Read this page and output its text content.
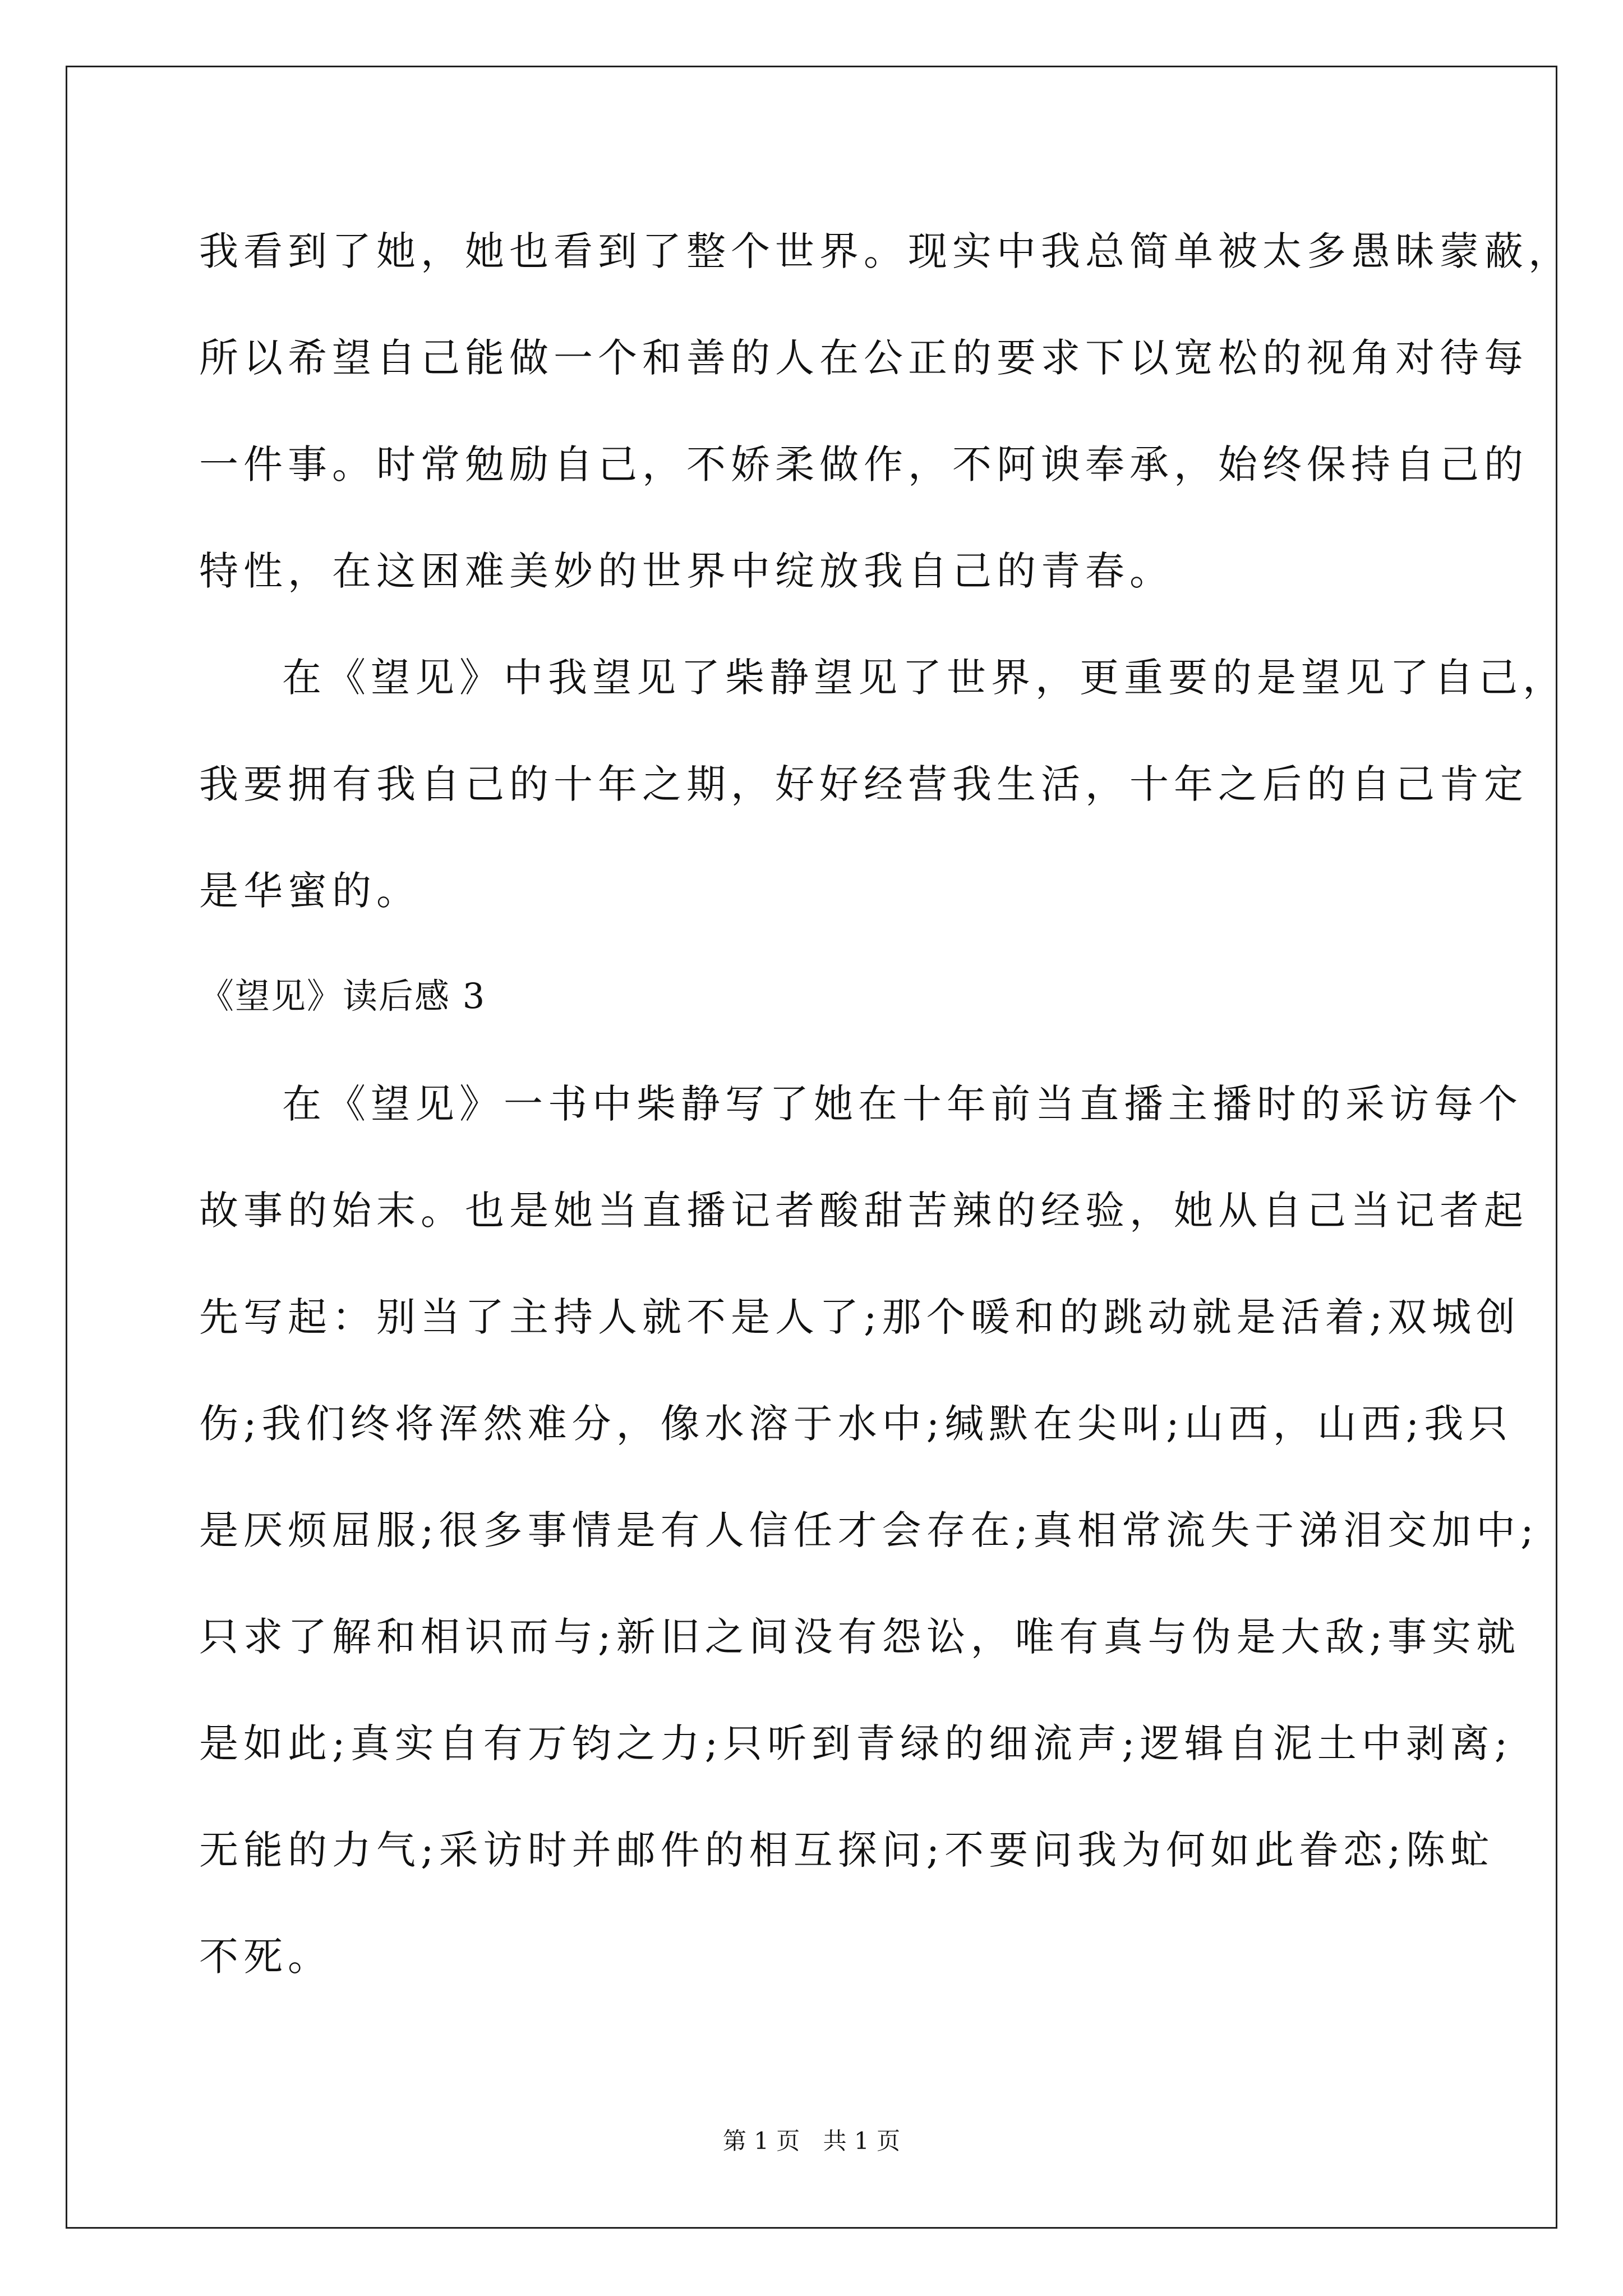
我看到了她，她也看到了整个世界。现实中我总简单被太多愚昧蒙蔽，
所以希望自己能做一个和善的人在公正的要求下以宽松的视角对待每
一件事。时常勉励自己，不娇柔做作，不阿谀奉承，始终保持自己的
特性，在这困难美妙的世界中绽放我自己的青春。
在《望见》中我望见了柴静望见了世界，更重要的是望见了自己，
我要拥有我自己的十年之期，好好经营我生活，十年之后的自己肯定
是华蜜的。
《望见》读后感 3
在《望见》一书中柴静写了她在十年前当直播主播时的采访每个
故事的始末。也是她当直播记者酸甜苦辣的经验，她从自己当记者起
先写起：别当了主持人就不是人了;那个暖和的跳动就是活着;双城创
伤;我们终将浑然难分，像水溶于水中;缄默在尖叫;山西，山西;我只
是厌烦屈服;很多事情是有人信任才会存在;真相常流失于涕泪交加中;
只求了解和相识而与;新旧之间没有怨讼，唯有真与伪是大敌;事实就
是如此;真实自有万钧之力;只听到青绿的细流声;逻辑自泥土中剥离;
无能的力气;采访时并邮件的相互探问;不要问我为何如此眷恋;陈虻
不死。
第 1 页 共 1 页
